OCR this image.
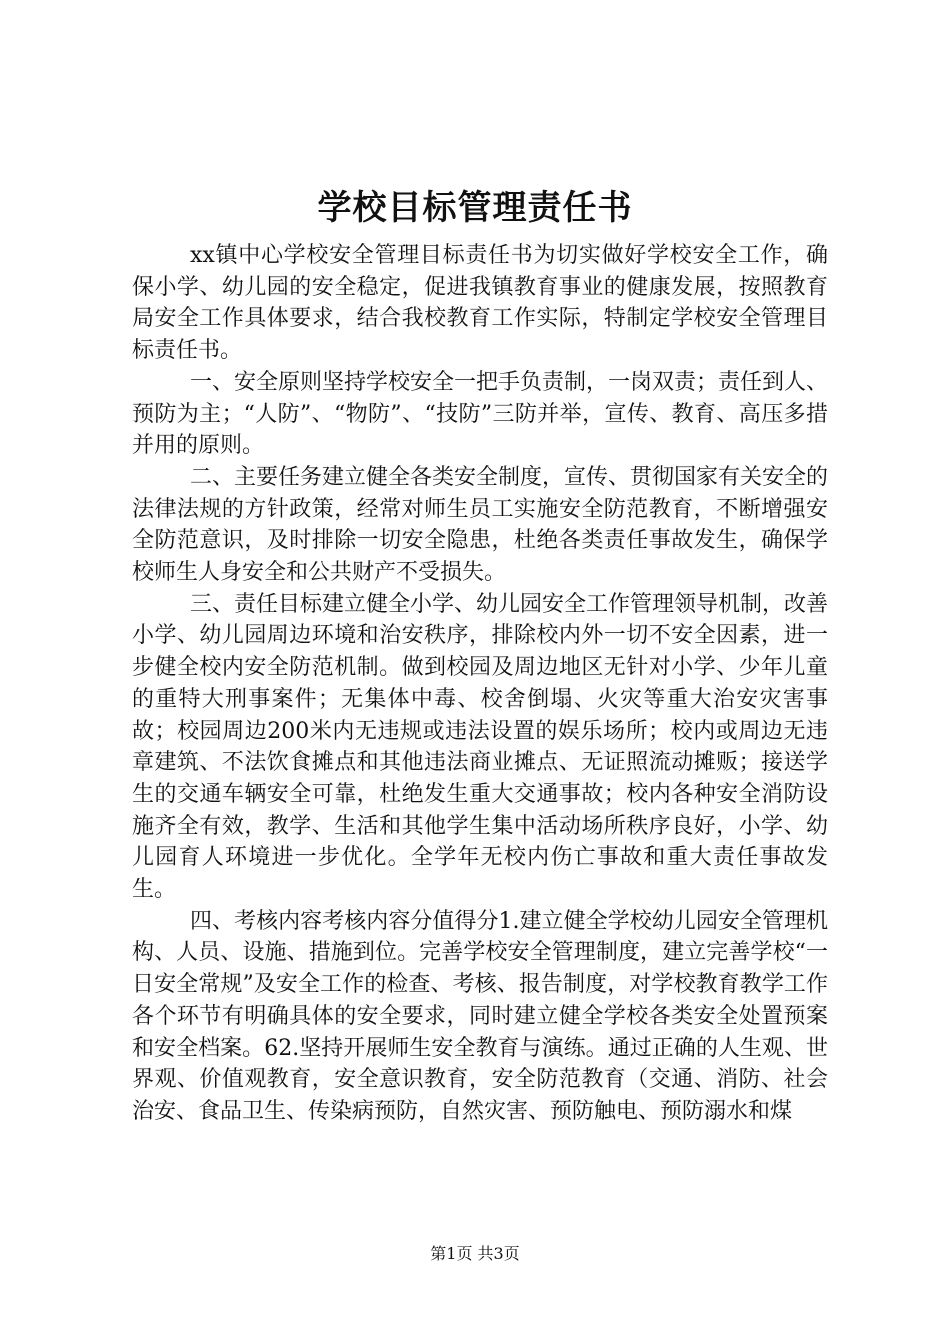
学校目标管理责任书

xx镇中心学校安全管理目标责任书为切实做好学校安全工作，确保小学、幼儿园的安全稳定，促进我镇教育事业的健康发展，按照教育局安全工作具体要求，结合我校教育工作实际，特制定学校安全管理目标责任书。

一、安全原则坚持学校安全一把手负责制，一岗双责；责任到人、预防为主；“人防”、“物防”、“技防”三防并举，宣传、教育、高压多措并用的原则。

二、主要任务建立健全各类安全制度，宣传、贯彻国家有关安全的法律法规的方针政策，经常对师生员工实施安全防范教育，不断增强安全防范意识，及时排除一切安全隐患，杜绝各类责任事故发生，确保学校师生人身安全和公共财产不受损失。

三、责任目标建立健全小学、幼儿园安全工作管理领导机制，改善小学、幼儿园周边环境和治安秩序，排除校内外一切不安全因素，进一步健全校内安全防范机制。做到校园及周边地区无针对小学、少年儿童的重特大刑事案件；无集体中毒、校舍倒塌、火灾等重大治安灾害事故；校园周边200米内无违规或违法设置的娱乐场所；校内或周边无违章建筑、不法饮食摊点和其他违法商业摊点、无证照流动摊贩；接送学生的交通车辆安全可靠，杜绝发生重大交通事故；校内各种安全消防设施齐全有效，教学、生活和其他学生集中活动场所秩序良好，小学、幼儿园育人环境进一步优化。全学年无校内伤亡事故和重大责任事故发生。

四、考核内容考核内容分值得分1.建立健全学校幼儿园安全管理机构、人员、设施、措施到位。完善学校安全管理制度，建立完善学校“一日安全常规”及安全工作的检查、考核、报告制度，对学校教育教学工作各个环节有明确具体的安全要求，同时建立健全学校各类安全处置预案和安全档案。62.坚持开展师生安全教育与演练。通过正确的人生观、世界观、价值观教育，安全意识教育，安全防范教育（交通、消防、社会治安、食品卫生、传染病预防，自然灾害、预防触电、预防溺水和煤

第1页 共3页
